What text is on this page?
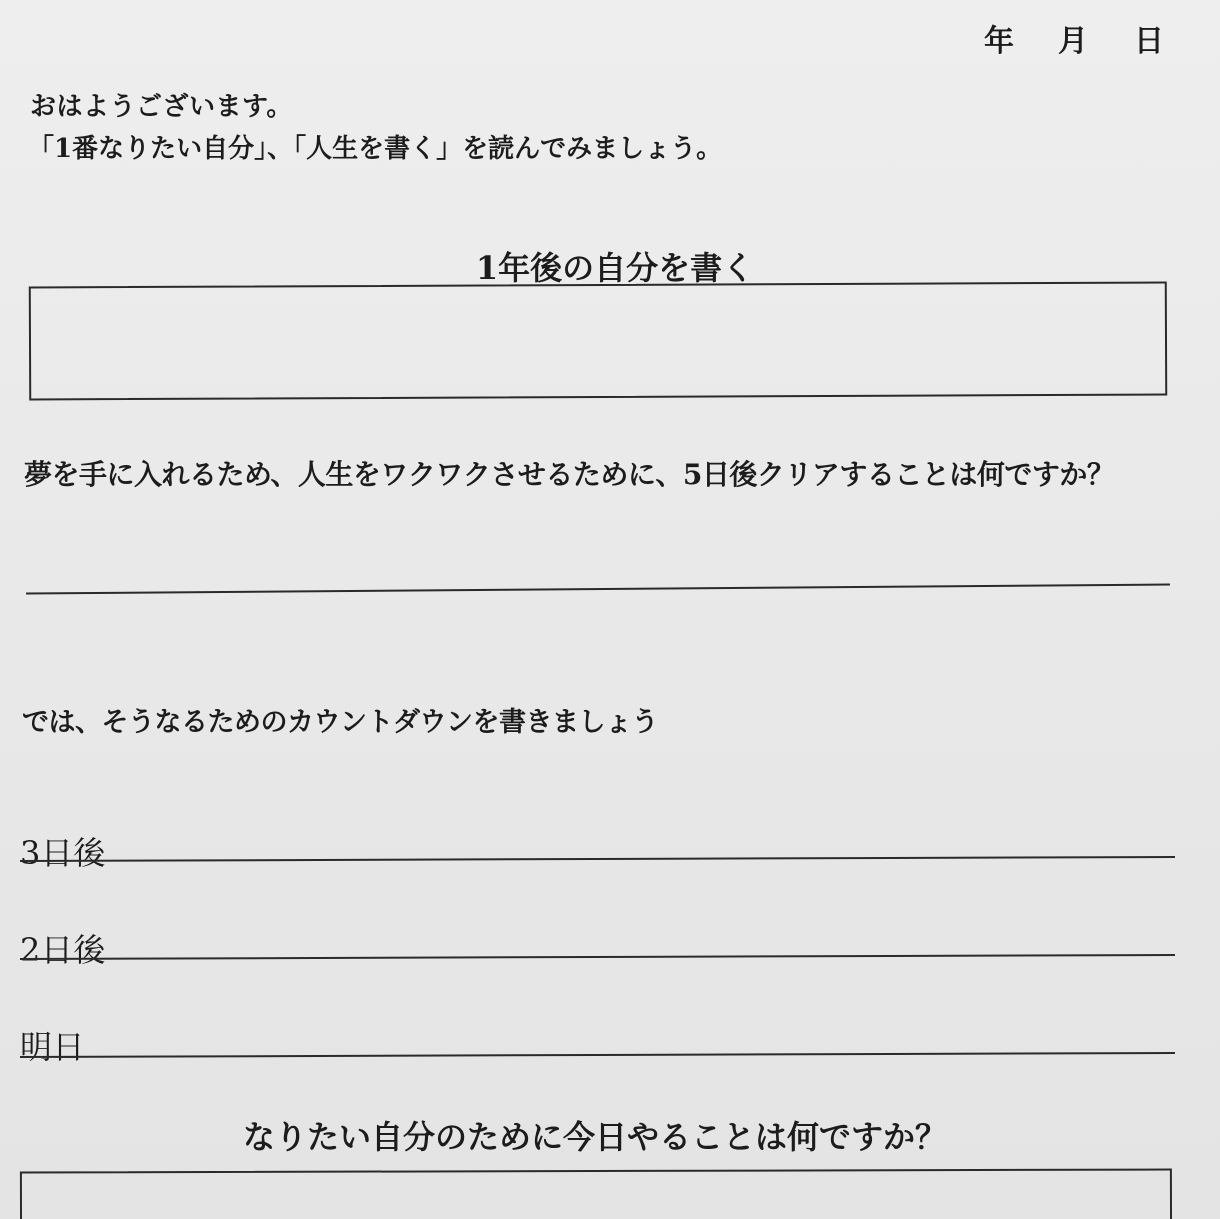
年 月 日
おはようございます。
「1番なりたい自分」、「人生を書く」を読んでみましょう。
1年後の自分を書く
夢を手に入れるため、人生をワクワクさせるために、5日後クリアすることは何ですか？
では、そうなるためのカウントダウンを書きましょう
3日後
2日後
明日
なりたい自分のために今日やることは何ですか？
